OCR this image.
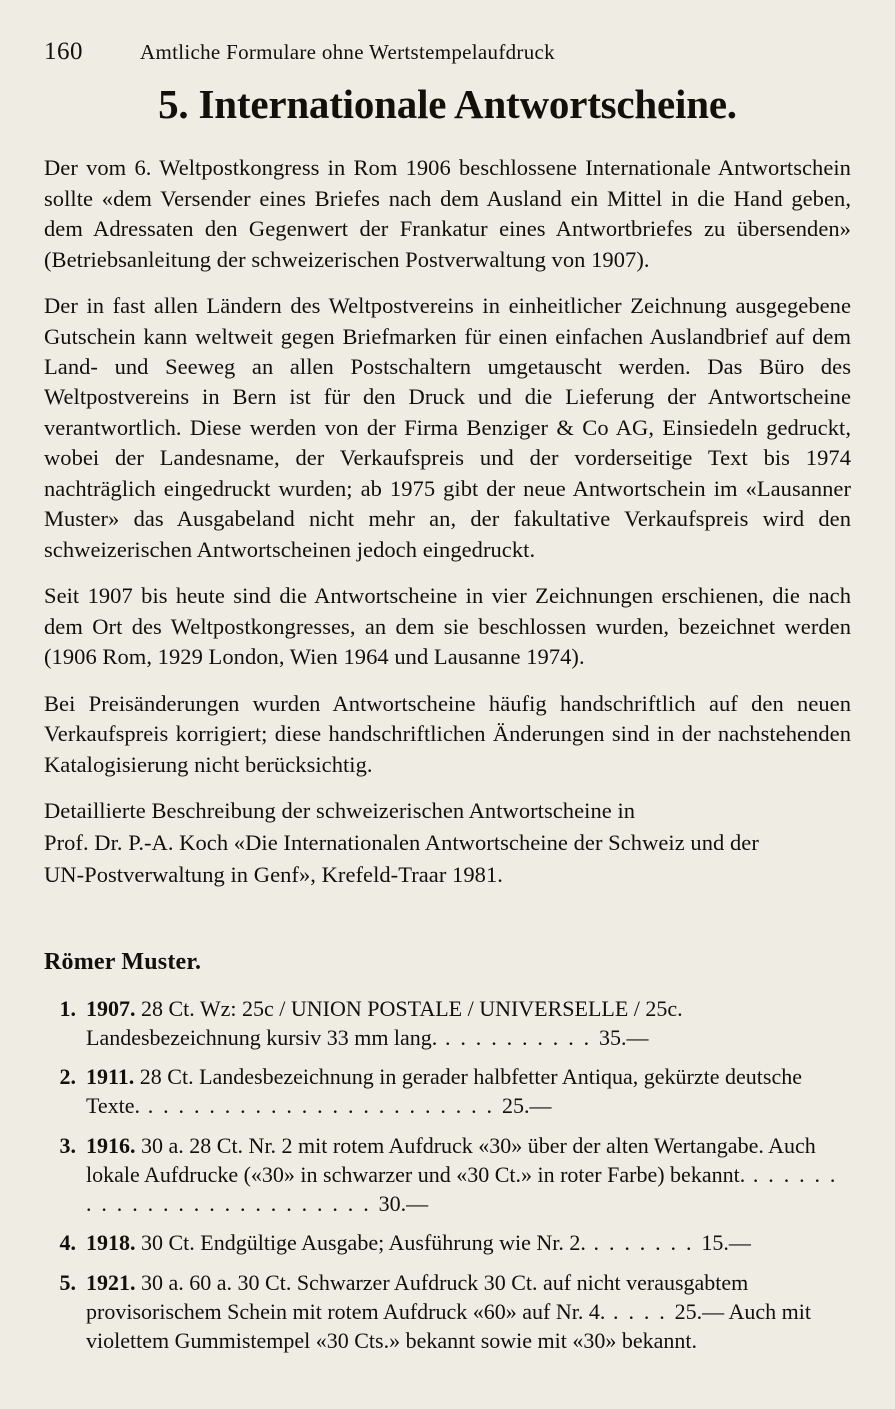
160	Amtliche Formulare ohne Wertstempelaufdruck
5. Internationale Antwortscheine.

Der vom 6. Weltpostkongress in Rom 1906 beschlossene Internationale Antwortschein sollte «dem Versender eines Briefes nach dem Ausland ein Mittel in die Hand geben, dem Adressaten den Gegenwert der Frankatur eines Antwortbriefes zu übersenden» (Betriebsanleitung der schweizerischen Postverwaltung von 1907).

Der in fast allen Ländern des Weltpostvereins in einheitlicher Zeichnung ausgegebene Gutschein kann weltweit gegen Briefmarken für einen einfachen Auslandbrief auf dem Land- und Seeweg an allen Postschaltern umgetauscht werden. Das Büro des Weltpostvereins in Bern ist für den Druck und die Lieferung der Antwortscheine verantwortlich. Diese werden von der Firma Benziger & Co AG, Einsiedeln gedruckt, wobei der Landesname, der Verkaufspreis und der vorderseitige Text bis 1974 nachträglich eingedruckt wurden; ab 1975 gibt der neue Antwortschein im «Lausanner Muster» das Ausgabeland nicht mehr an, der fakultative Verkaufspreis wird den schweizerischen Antwortscheinen jedoch eingedruckt.

Seit 1907 bis heute sind die Antwortscheine in vier Zeichnungen erschienen, die nach dem Ort des Weltpostkongresses, an dem sie beschlossen wurden, bezeichnet werden (1906 Rom, 1929 London, Wien 1964 und Lausanne 1974).

Bei Preisänderungen wurden Antwortscheine häufig handschriftlich auf den neuen Verkaufspreis korrigiert; diese handschriftlichen Änderungen sind in der nachstehenden Katalogisierung nicht berücksichtig.

Detaillierte Beschreibung der schweizerischen Antwortscheine in

Prof. Dr. P.-A. Koch «Die Internationalen Antwortscheine der Schweiz und der

UN-Postverwaltung in Genf», Krefeld-Traar 1981.

Römer Muster.
1. 1907. 28 Ct. Wz: 25c / UNION POSTALE / UNIVERSELLE / 25c. Landesbezeichnung kursiv 33 mm lang. . . . . . . . . . . 35.—
2. 1911. 28 Ct. Landesbezeichnung in gerader halbfetter Antiqua, gekürzte deutsche Texte. . . . . . . . . . . . . . . . . . . . . . . . 25.—
3. 1916. 30 a. 28 Ct. Nr. 2 mit rotem Aufdruck «30» über der alten Wertangabe. Auch lokale Aufdrucke («30» in schwarzer und «30 Ct.» in roter Farbe) bekannt. . . . . . . . . . . . . . . . . . . . . . . . . . 30.—
4. 1918. 30 Ct. Endgültige Ausgabe; Ausführung wie Nr. 2. . . . . . . . 15.—
5. 1921. 30 a. 60 a. 30 Ct. Schwarzer Aufdruck 30 Ct. auf nicht verausgabtem provisorischem Schein mit rotem Aufdruck «60» auf Nr. 4. . . . . 25.— Auch mit violettem Gummistempel «30 Cts.» bekannt sowie mit «30» bekannt.
